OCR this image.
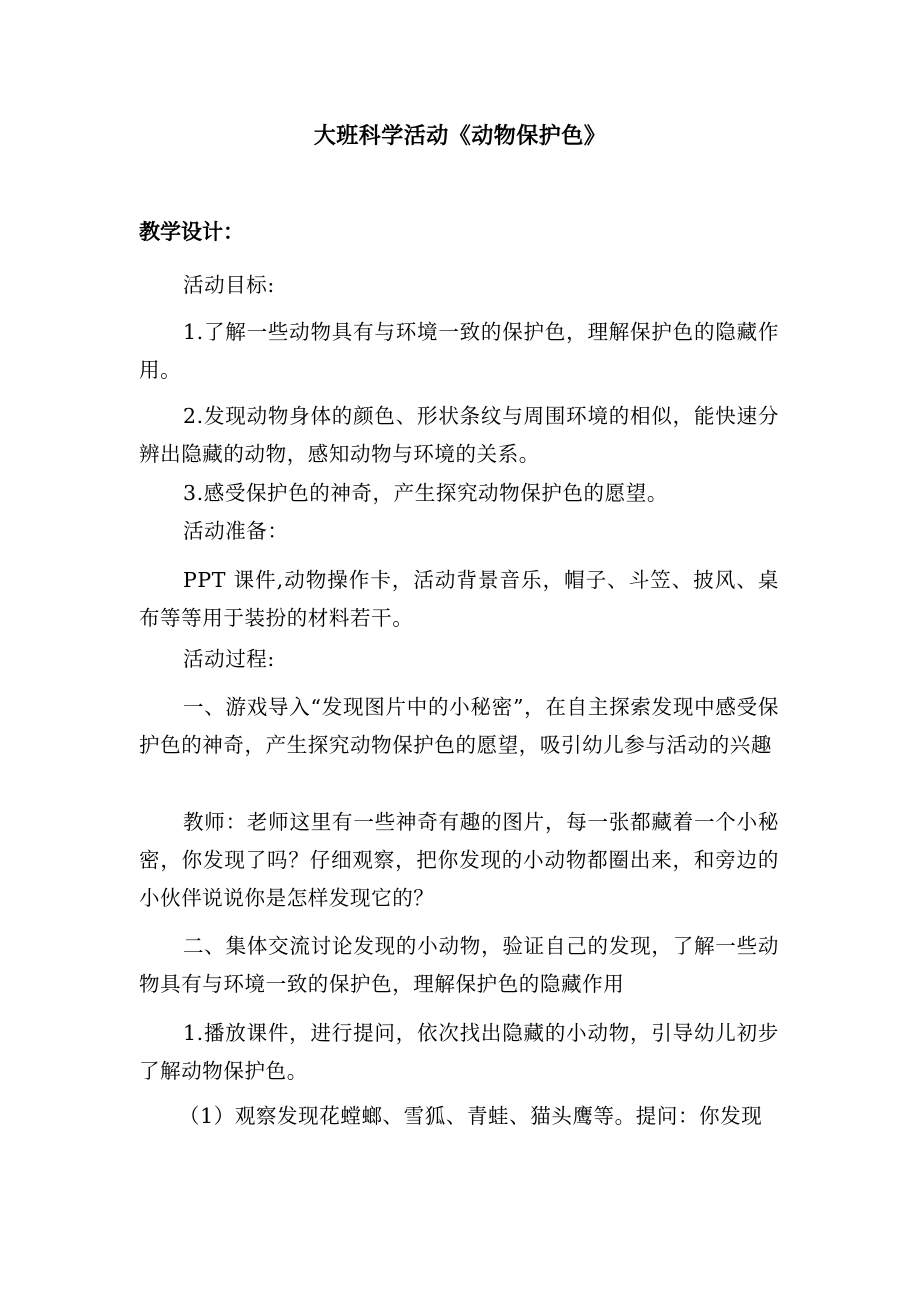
大班科学活动《动物保护色》
教学设计：

活动目标:

1.了解一些动物具有与环境一致的保护色，理解保护色的隐藏作用。

2.发现动物身体的颜色、形状条纹与周围环境的相似，能快速分辨出隐藏的动物，感知动物与环境的关系。

3.感受保护色的神奇，产生探究动物保护色的愿望。

活动准备：

PPT 课件,动物操作卡，活动背景音乐，帽子、斗笠、披风、桌布等等用于装扮的材料若干。

活动过程:

一、游戏导入“发现图片中的小秘密”，在自主探索发现中感受保护色的神奇，产生探究动物保护色的愿望，吸引幼儿参与活动的兴趣

教师：老师这里有一些神奇有趣的图片，每一张都藏着一个小秘密，你发现了吗？仔细观察，把你发现的小动物都圈出来，和旁边的小伙伴说说你是怎样发现它的？

二、集体交流讨论发现的小动物，验证自己的发现，了解一些动物具有与环境一致的保护色，理解保护色的隐藏作用

1.播放课件，进行提问，依次找出隐藏的小动物，引导幼儿初步了解动物保护色。

（1）观察发现花螳螂、雪狐、青蛙、猫头鹰等。提问：你发现
